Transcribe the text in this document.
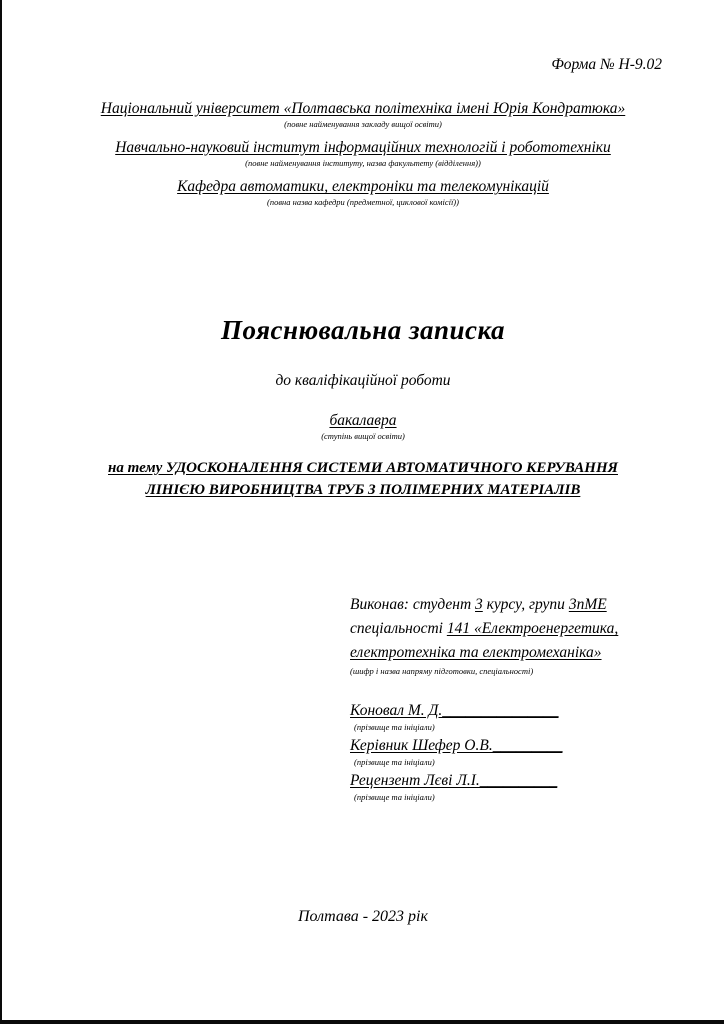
Форма № Н-9.02
Національний університет «Полтавська політехніка імені Юрія Кондратюка»
(повне найменування закладу вищої освіти)
Навчально-науковий інститут інформаційних технологій і робототехніки
(повне найменування інституту, назва факультету (відділення))
Кафедра автоматики, електроніки та телекомунікацій
(повна назва кафедри (предметної, циклової комісії))
Пояснювальна записка
до кваліфікаційної роботи
бакалавра
(ступінь вищої освіти)
на тему УДОСКОНАЛЕННЯ СИСТЕМИ АВТОМАТИЧНОГО КЕРУВАННЯ
ЛІНІЄЮ ВИРОБНИЦТВА ТРУБ З ПОЛІМЕРНИХ МАТЕРІАЛІВ
Виконав: студент 3 курсу, групи 3пМЕ
спеціальності 141 «Електроенергетика,
електротехніка та електромеханіка»
(шифр і назва напряму підготовки, спеціальності)
Коновал М. Д._______________
(прізвище та ініціали)
Керівник Шефер О.В._________
(прізвище та ініціали)
Рецензент Лєві Л.І.__________
(прізвище та ініціали)
Полтава - 2023 рік
